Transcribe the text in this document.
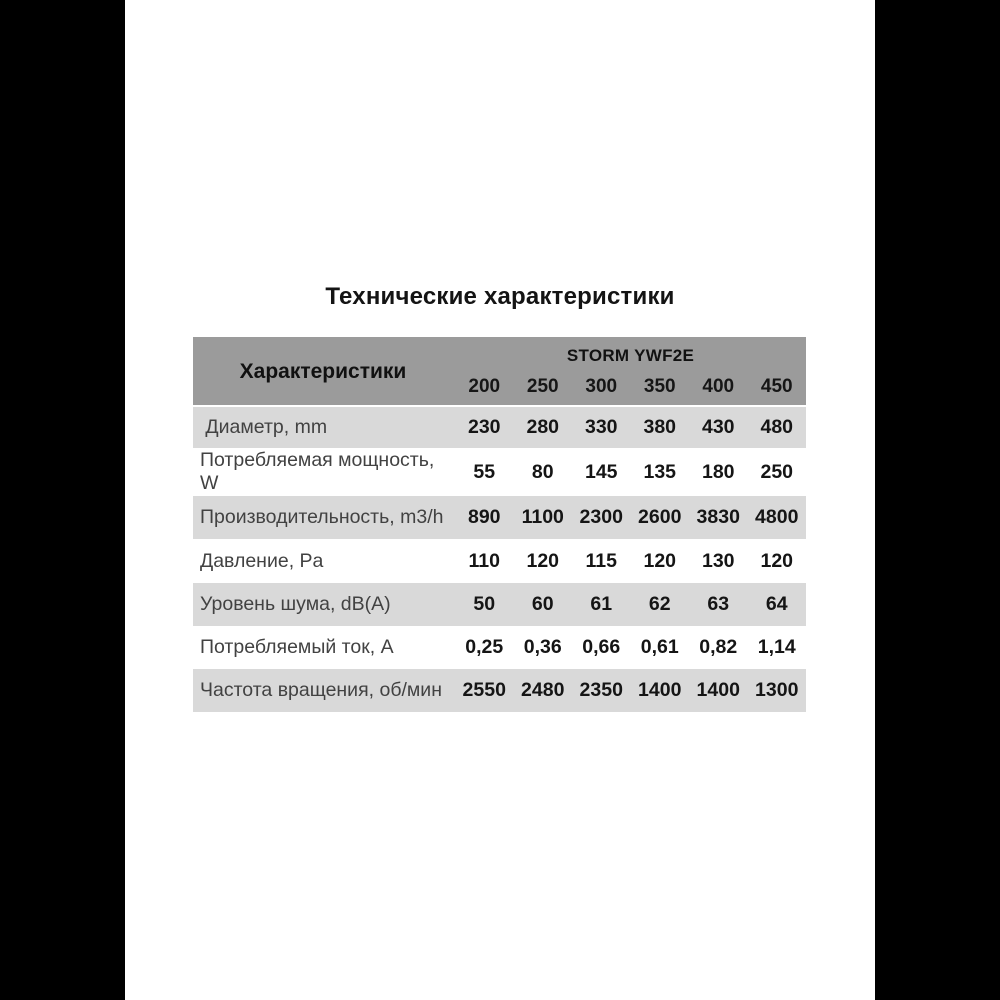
Технические характеристики
Характеристики
STORM YWF2E
200	250	300	350	400	450
Диаметр, mm	230	280	330	380	430	480
Потребляемая мощность, W
55	80	145	135	180	250
Производительность, m3/h	890	1100 2300 2600 3830 4800
Давление, Pa	110	120	115	120	130	120
Уровень шума, dB(A)	50	60	61	62	63	64
Потребляемый ток, А	0,25	0,36	0,66	0,61	0,82	1,14
Частота вращения, об/мин	2550 2480 2350 1400 1400 1300
